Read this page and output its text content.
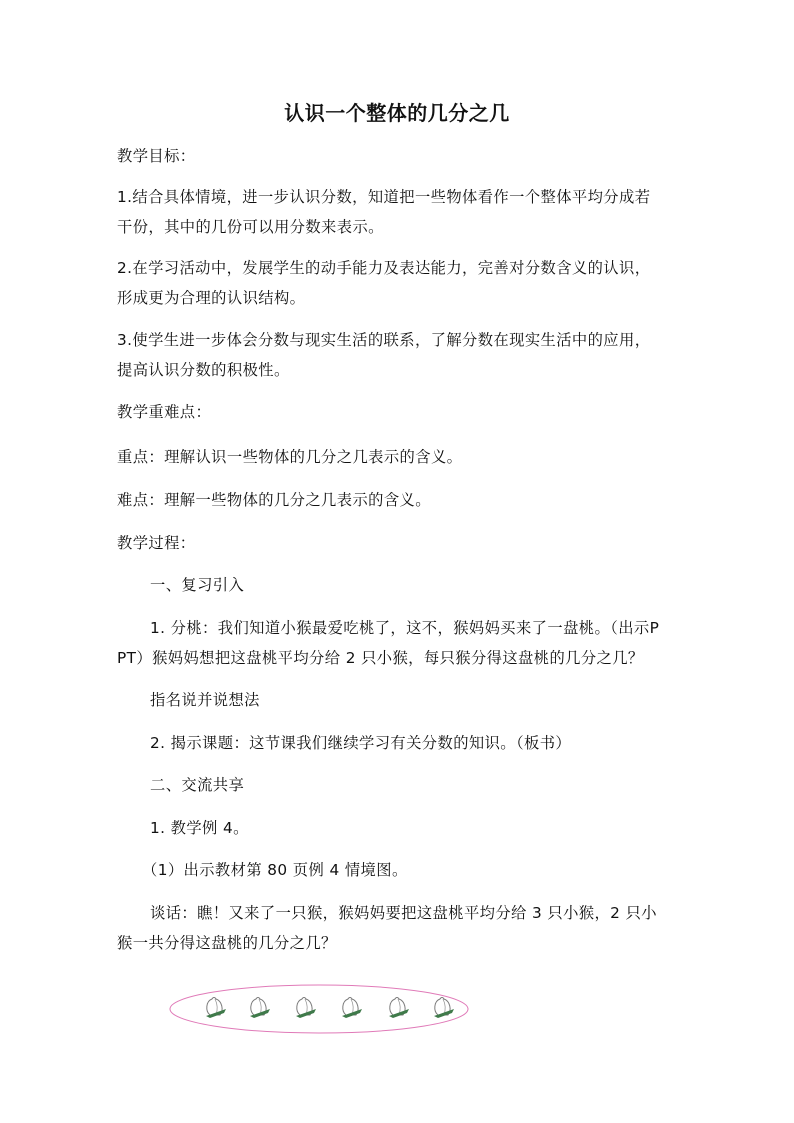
认识一个整体的几分之几

教学目标：

1.结合具体情境，进一步认识分数，知道把一些物体看作一个整体平均分成若干份，其中的几份可以用分数来表示。

2.在学习活动中，发展学生的动手能力及表达能力，完善对分数含义的认识，形成更为合理的认识结构。

3.使学生进一步体会分数与现实生活的联系，了解分数在现实生活中的应用，提高认识分数的积极性。

教学重难点：

重点：理解认识一些物体的几分之几表示的含义。

难点：理解一些物体的几分之几表示的含义。

教学过程：

一、复习引入

1. 分桃：我们知道小猴最爱吃桃了，这不，猴妈妈买来了一盘桃。（出示PPT）猴妈妈想把这盘桃平均分给 2 只小猴，每只猴分得这盘桃的几分之几？

指名说并说想法

2. 揭示课题：这节课我们继续学习有关分数的知识。（板书）

二、交流共享

1. 教学例 4。

（1）出示教材第 80 页例 4 情境图。

谈话：瞧！又来了一只猴，猴妈妈要把这盘桃平均分给 3 只小猴，2 只小猴一共分得这盘桃的几分之几？
